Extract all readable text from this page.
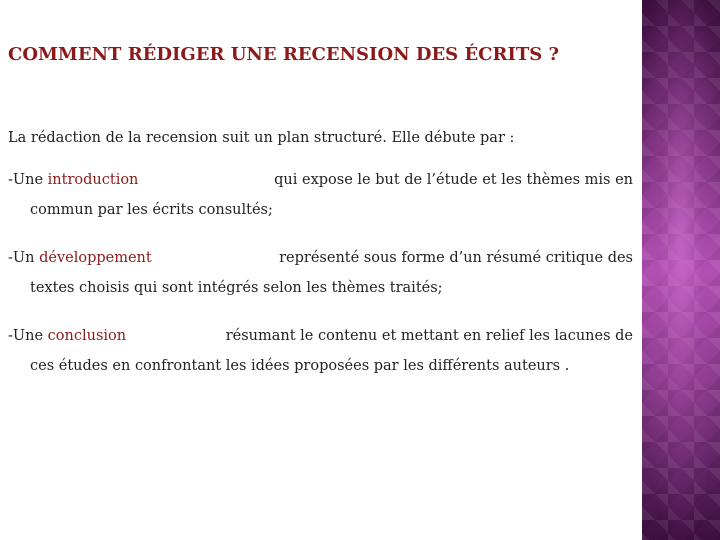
COMMENT RÉDIGER UNE RECENSION DES ÉCRITS ?
La rédaction de la recension suit un plan structuré. Elle débute par :
-Une introduction	qui expose le but de l’étude et les thèmes mis en
commun par les écrits consultés;
-Un développement	représenté sous forme d’un résumé critique des
textes choisis qui sont intégrés selon les thèmes traités;
-Une conclusion	résumant le contenu et mettant en relief les lacunes de
ces études en confrontant les idées proposées par les différents auteurs .
